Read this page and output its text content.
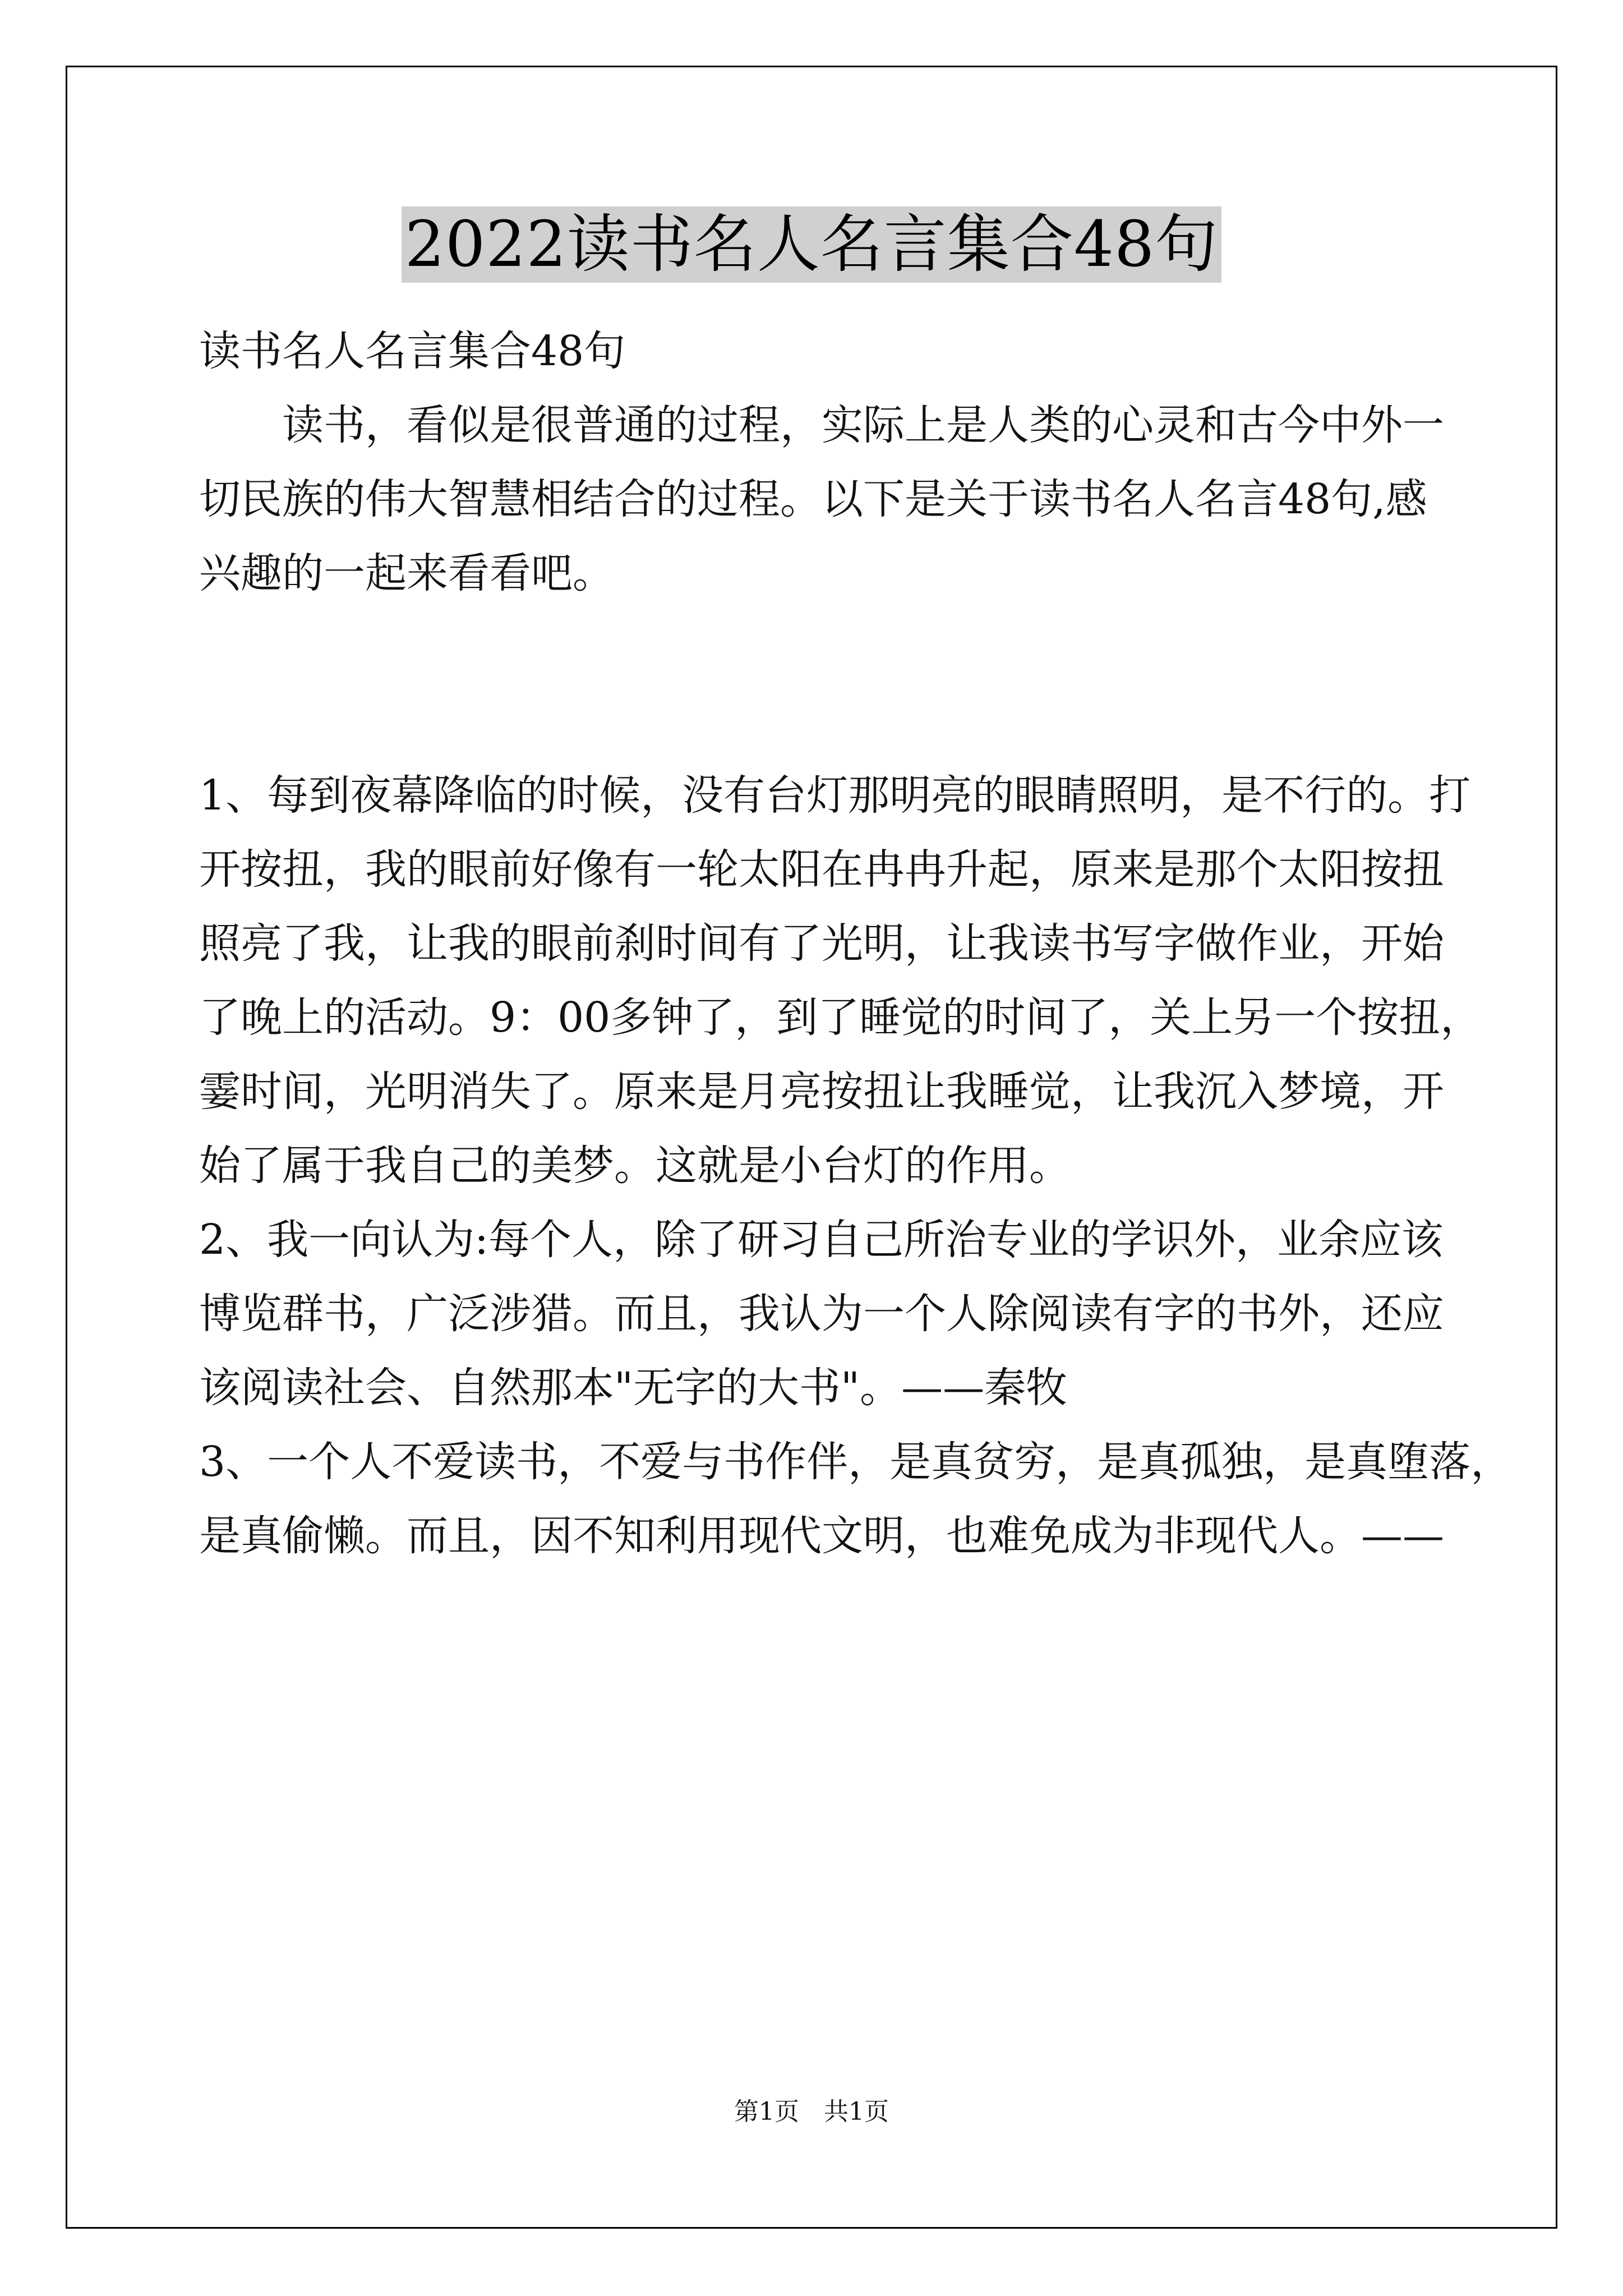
2022读书名人名言集合48句
读书名人名言集合48句
　　读书，看似是很普通的过程，实际上是人类的心灵和古今中外一
切民族的伟大智慧相结合的过程。以下是关于读书名人名言48句,感
兴趣的一起来看看吧。
1、每到夜幕降临的时候，没有台灯那明亮的眼睛照明，是不行的。打
开按扭，我的眼前好像有一轮太阳在冉冉升起，原来是那个太阳按扭
照亮了我，让我的眼前刹时间有了光明，让我读书写字做作业，开始
了晚上的活动。9：00多钟了，到了睡觉的时间了，关上另一个按扭，
霎时间，光明消失了。原来是月亮按扭让我睡觉，让我沉入梦境，开
始了属于我自己的美梦。这就是小台灯的作用。
2、我一向认为:每个人，除了研习自己所治专业的学识外，业余应该
博览群书，广泛涉猎。而且，我认为一个人除阅读有字的书外，还应
该阅读社会、自然那本"无字的大书"。——秦牧
3、一个人不爱读书，不爱与书作伴，是真贫穷，是真孤独，是真堕落，
是真偷懒。而且，因不知利用现代文明，也难免成为非现代人。——
第1页　共1页
